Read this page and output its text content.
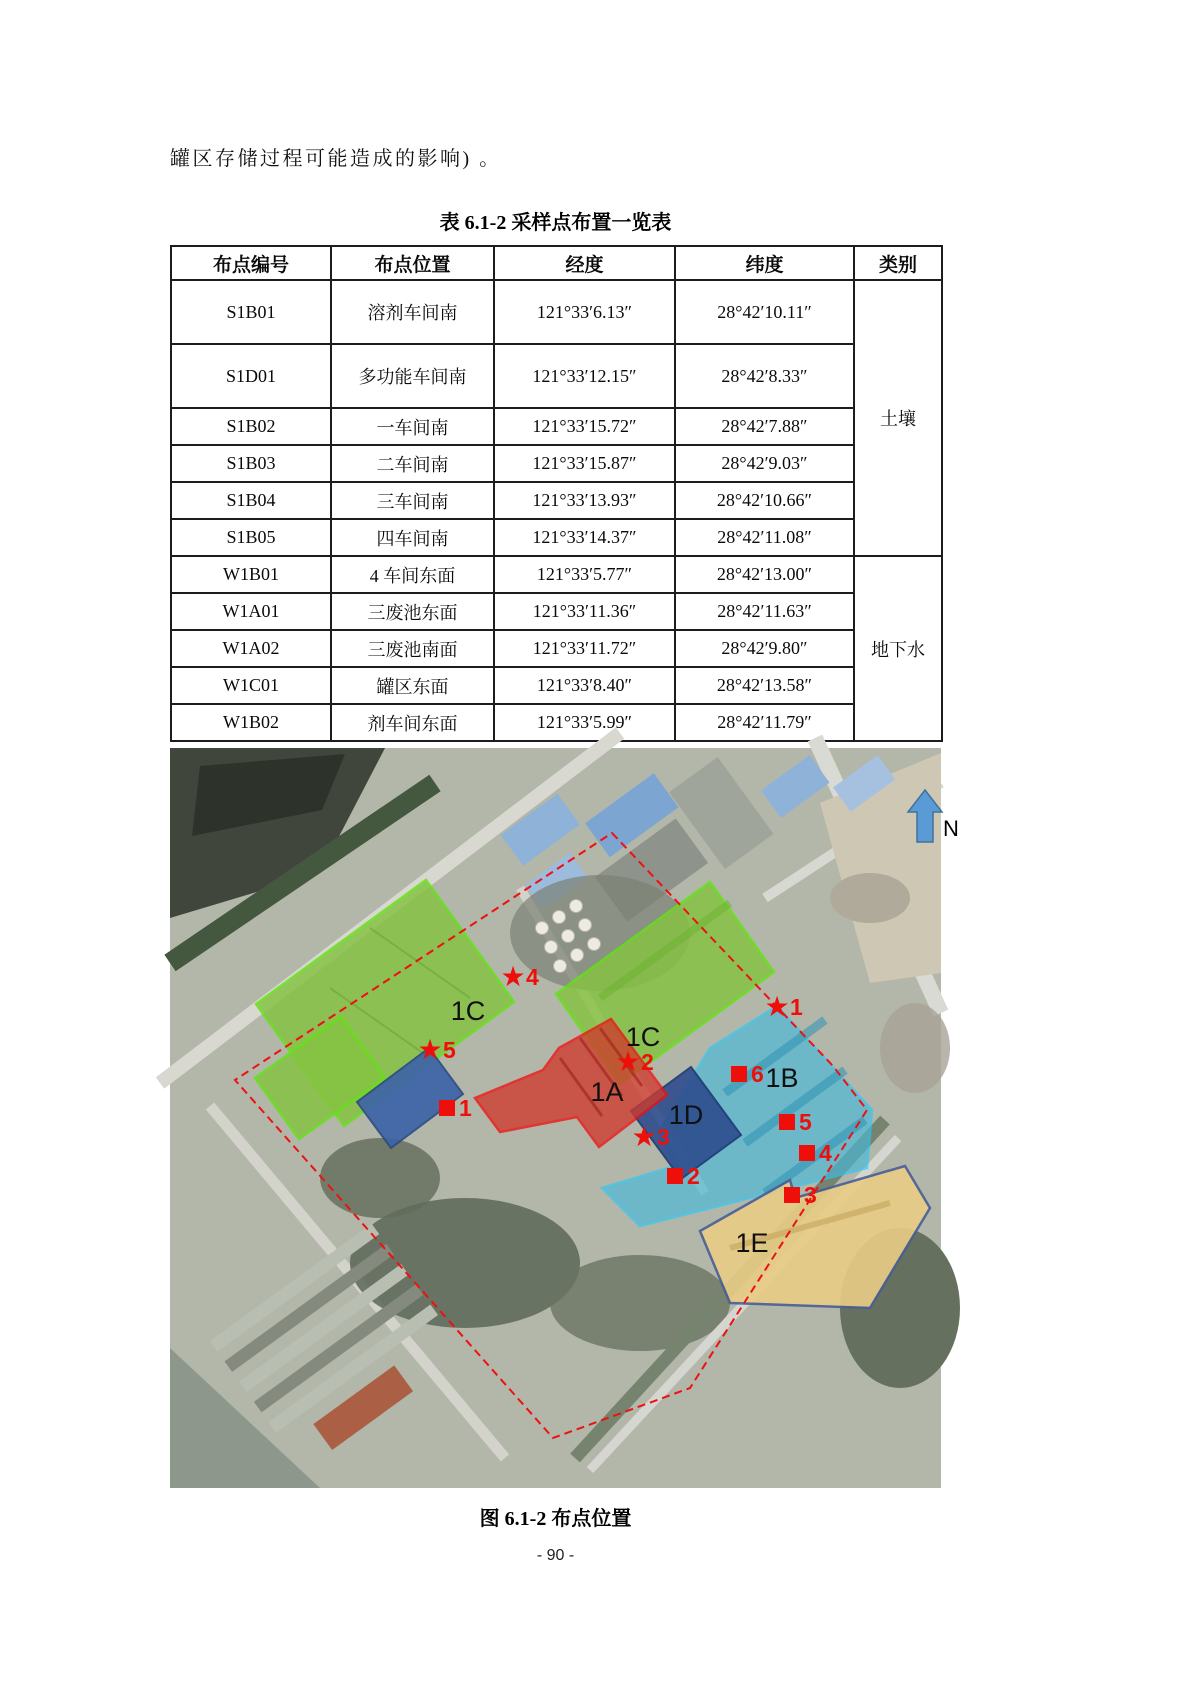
罐区存储过程可能造成的影响) 。

表 6.1-2 采样点布置一览表
布点编号	布点位置	经度	纬度	类别
S1B01	溶剂车间南	121°33′6.13″	28°42′10.11″	土壤
S1D01	多功能车间南	121°33′12.15″	28°42′8.33″	
S1B02	一车间南	121°33′15.72″	28°42′7.88″	
S1B03	二车间南	121°33′15.87″	28°42′9.03″	
S1B04	三车间南	121°33′13.93″	28°42′10.66″	
S1B05	四车间南	121°33′14.37″	28°42′11.08″	
W1B01	4 车间东面	121°33′5.77″	28°42′13.00″	地下水
W1A01	三废池东面	121°33′11.36″	28°42′11.63″	
W1A02	三废池南面	121°33′11.72″	28°42′9.80″	
W1C01	罐区东面	121°33′8.40″	28°42′13.58″	
W1B02	剂车间东面	121°33′5.99″	28°42′11.79″	
1C
1C
1A	1B
1D
1E
★ 4
★ 5
★ 1
★ 2
★ 3
1
6
5
4
2
3
N
图 6.1-2 布点位置
- 90 -
